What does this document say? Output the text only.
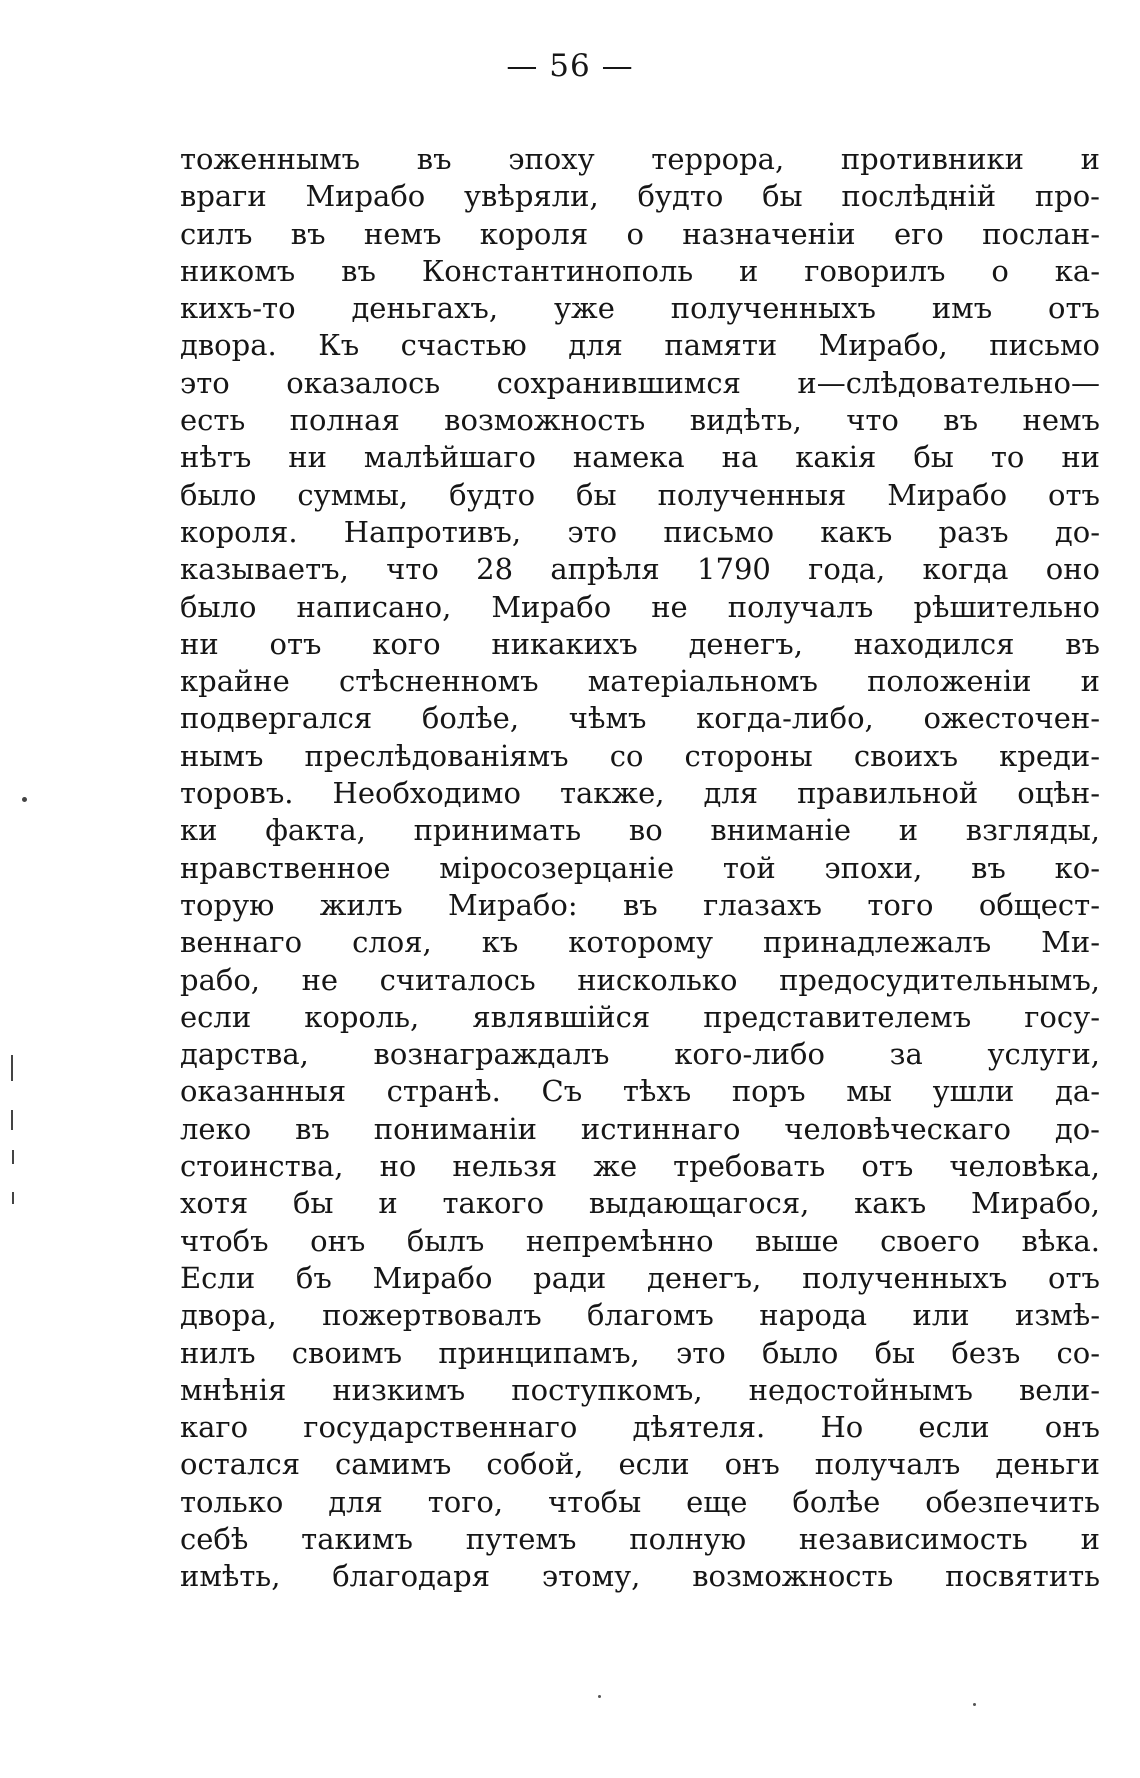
— 56 —
тоженнымъ въ эпоху террора, противники и
враги Мирабо увѣряли, будто бы послѣдній про-
силъ въ немъ короля о назначеніи его послан-
никомъ въ Константинополь и говорилъ о ка-
кихъ-то деньгахъ, уже полученныхъ имъ отъ
двора. Къ счастью для памяти Мирабо, письмо
это оказалось сохранившимся и—слѣдовательно—
есть полная возможность видѣть, что въ немъ
нѣтъ ни малѣйшаго намека на какія бы то ни
было суммы, будто бы полученныя Мирабо отъ
короля. Напротивъ, это письмо какъ разъ до-
казываетъ, что 28 апрѣля 1790 года, когда оно
было написано, Мирабо не получалъ рѣшительно
ни отъ кого никакихъ денегъ, находился въ
крайне стѣсненномъ матеріальномъ положеніи и
подвергался болѣе, чѣмъ когда-либо, ожесточен-
нымъ преслѣдованіямъ со стороны своихъ креди-
торовъ. Необходимо также, для правильной оцѣн-
ки факта, принимать во вниманіе и взгляды,
нравственное міросозерцаніе той эпохи, въ ко-
торую жилъ Мирабо: въ глазахъ того общест-
веннаго слоя, къ которому принадлежалъ Ми-
рабо, не считалось нисколько предосудительнымъ,
если король, являвшійся представителемъ госу-
дарства, вознаграждалъ кого-либо за услуги,
оказанныя странѣ. Съ тѣхъ поръ мы ушли да-
леко въ пониманіи истиннаго человѣческаго до-
стоинства, но нельзя же требовать отъ человѣка,
хотя бы и такого выдающагося, какъ Мирабо,
чтобъ онъ былъ непремѣнно выше своего вѣка.
Если бъ Мирабо ради денегъ, полученныхъ отъ
двора, пожертвовалъ благомъ народа или измѣ-
нилъ своимъ принципамъ, это было бы безъ со-
мнѣнія низкимъ поступкомъ, недостойнымъ вели-
каго государственнаго дѣятеля. Но если онъ
остался самимъ собой, если онъ получалъ деньги
только для того, чтобы еще болѣе обезпечить
себѣ такимъ путемъ полную независимость и
имѣть, благодаря этому, возможность посвятить
